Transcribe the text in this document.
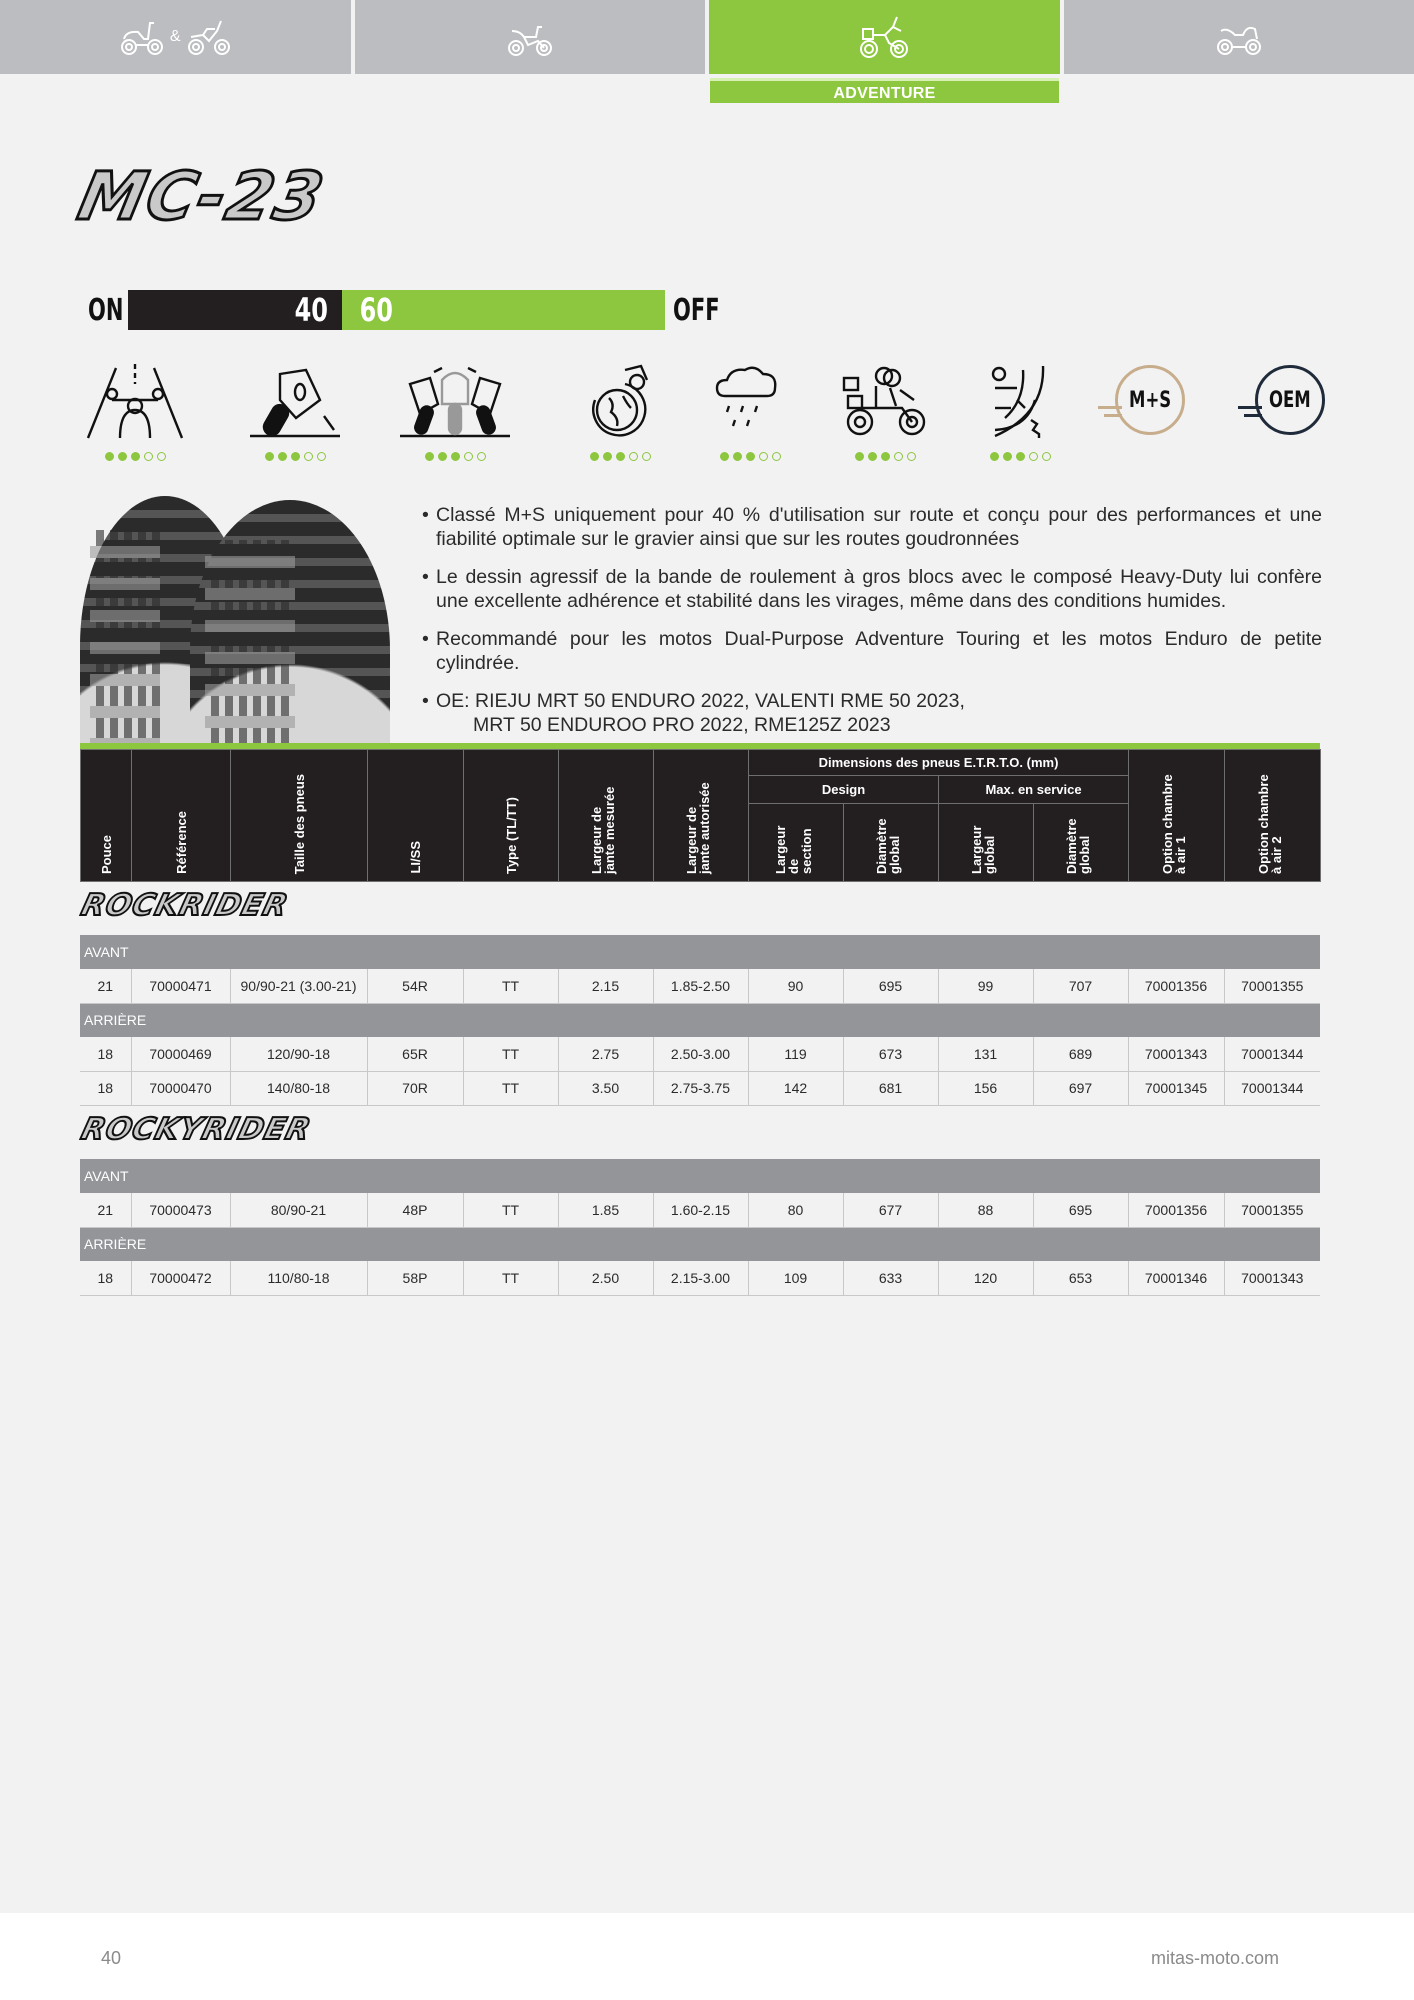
&
ADVENTURE
MC-23
ON	40 60	OFF
M+S	OEM
• Classé M+S uniquement pour 40 % d'utilisation sur route et conçu pour des performances et une fiabilité optimale sur le gravier ainsi que sur les routes goudronnées
• Le dessin agressif de la bande de roulement à gros blocs avec le composé Heavy-Duty lui confère une excellente adhérence et stabilité dans les virages, même dans des conditions humides.
• Recommandé pour les motos Dual-Purpose Adventure Touring et les motos Enduro de petite cylindrée.
• OE: RIEJU MRT 50 ENDURO 2022, VALENTI RME 50 2023,
MRT 50 ENDUROO PRO 2022, RME125Z 2023
Pouce	Référence	Taille des pneus	LI/SS	Type (TL/TT)	Largeur de jante mesurée	Largeur de jante autorisée	Dimensions des pneus E.T.R.T.O. (mm)				Option chambre à air 1	Option chambre à air 2
							Design		Max. en service			
							Largeur de section	Diamètre global	Largeur global	Diamètre global		
ROCKRIDER
AVANT												
21	70000471	90/90-21 (3.00-21)	54R	TT	2.15	1.85-2.50	90	695	99	707	70001356	70001355
ARRIÈRE												
18	70000469	120/90-18	65R	TT	2.75	2.50-3.00	119	673	131	689	70001343	70001344
18	70000470	140/80-18	70R	TT	3.50	2.75-3.75	142	681	156	697	70001345	70001344
ROCKYRIDER
AVANT												
21	70000473	80/90-21	48P	TT	1.85	1.60-2.15	80	677	88	695	70001356	70001355
ARRIÈRE												
18	70000472	110/80-18	58P	TT	2.50	2.15-3.00	109	633	120	653	70001346	70001343
40	mitas-moto.com
